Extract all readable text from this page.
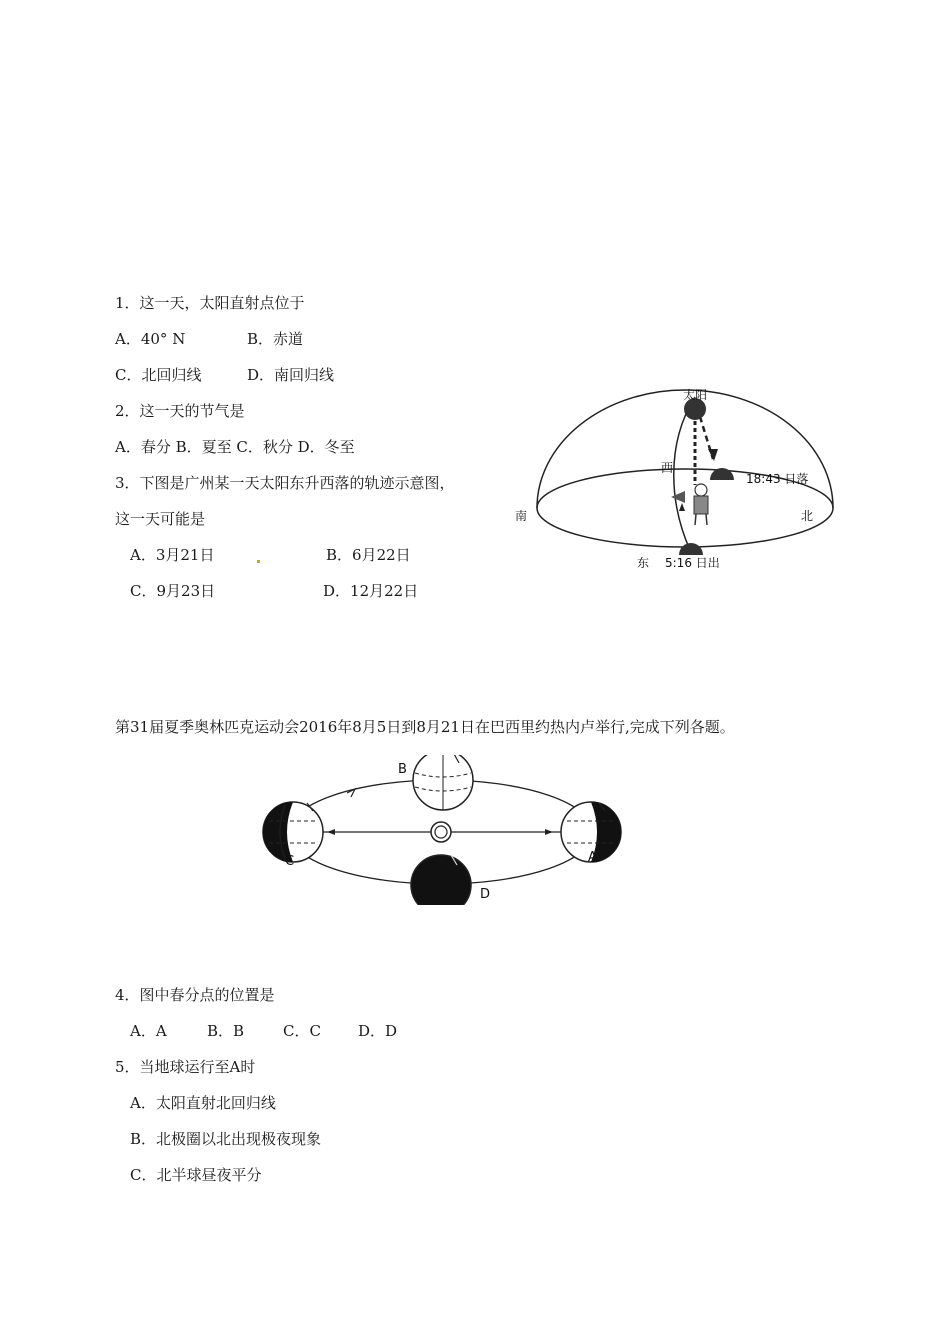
1．这一天，太阳直射点位于
A．40° N	B．赤道
C．北回归线	D．南回归线
2．这一天的节气是
A．春分 B．夏至 C．秋分 D．冬至
3．下图是广州某一天太阳东升西落的轨迹示意图，
这一天可能是
A．3月21日	B．6月22日
C．9月23日	D．12月22日
太阳
西
18:43 日落
南	北
东 5:16 日出
第31届夏季奥林匹克运动会2016年8月5日到8月21日在巴西里约热内卢举行,完成下列各题。
B
C	A
D
4．图中春分点的位置是
A．A	B．B	C．C D．D
5．当地球运行至A时
A．太阳直射北回归线
B．北极圈以北出现极夜现象
C．北半球昼夜平分
